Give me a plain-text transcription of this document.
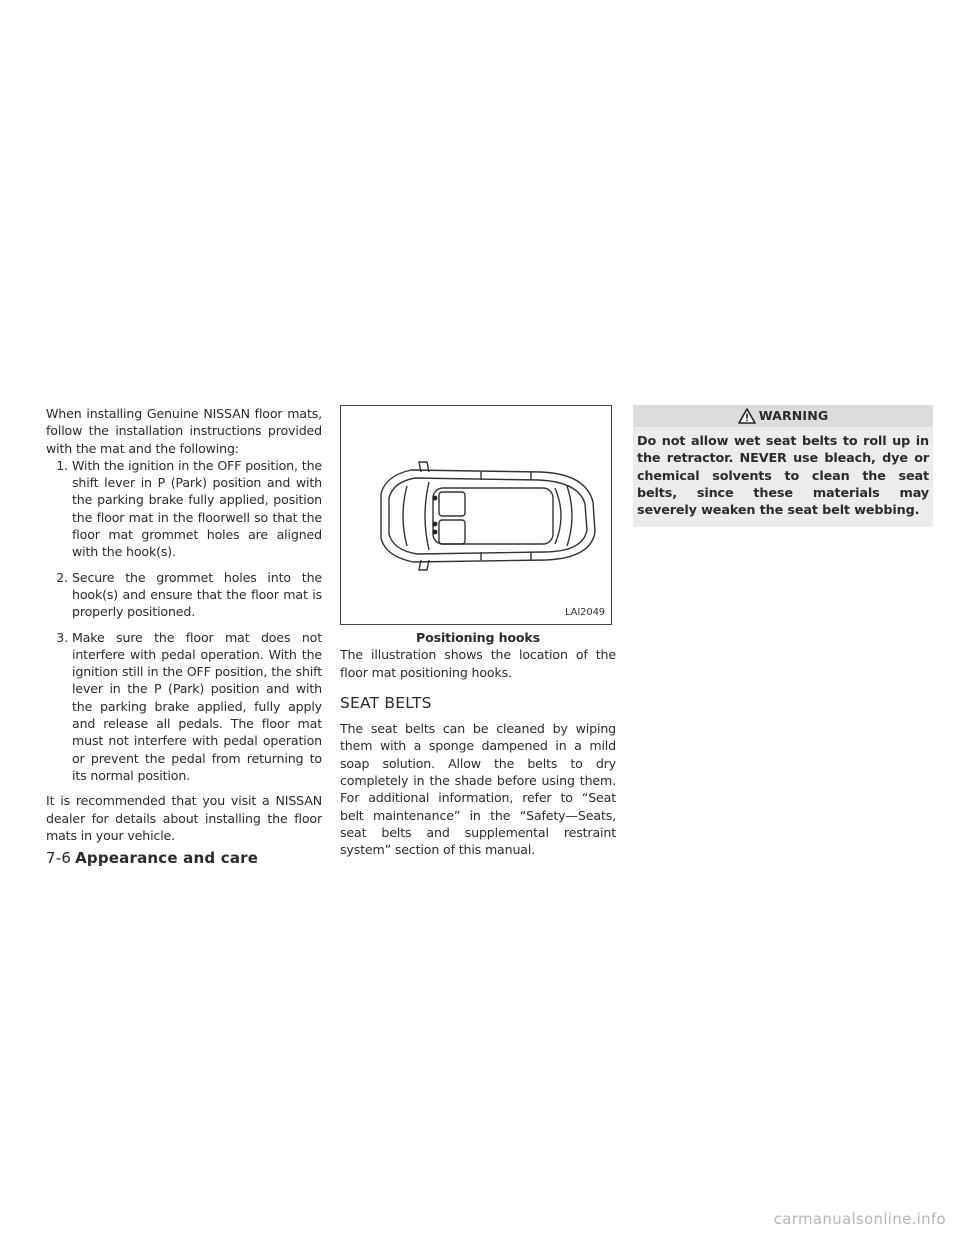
When installing Genuine NISSAN floor mats, follow the installation instructions provided with the mat and the following:

1. With the ignition in the OFF position, the shift lever in P (Park) position and with the parking brake fully applied, position the floor mat in the floorwell so that the floor mat grommet holes are aligned with the hook(s).
2. Secure the grommet holes into the hook(s) and ensure that the floor mat is properly positioned.
3. Make sure the floor mat does not interfere with pedal operation. With the ignition still in the OFF position, the shift lever in the P (Park) position and with the parking brake applied, fully apply and release all pedals. The floor mat must not interfere with pedal operation or prevent the pedal from returning to its normal position.

It is recommended that you visit a NISSAN dealer for details about installing the floor mats in your vehicle.

LAI2049
Positioning hooks

The illustration shows the location of the floor mat positioning hooks.

SEAT BELTS

The seat belts can be cleaned by wiping them with a sponge dampened in a mild soap solution. Allow the belts to dry completely in the shade before using them. For additional information, refer to “Seat belt maintenance” in the “Safety—Seats, seat belts and supplemental restraint system” section of this manual.

WARNING
Do not allow wet seat belts to roll up in the retractor. NEVER use bleach, dye or chemical solvents to clean the seat belts, since these materials may severely weaken the seat belt webbing.
7-6 Appearance and care
carmanualsonline.info
